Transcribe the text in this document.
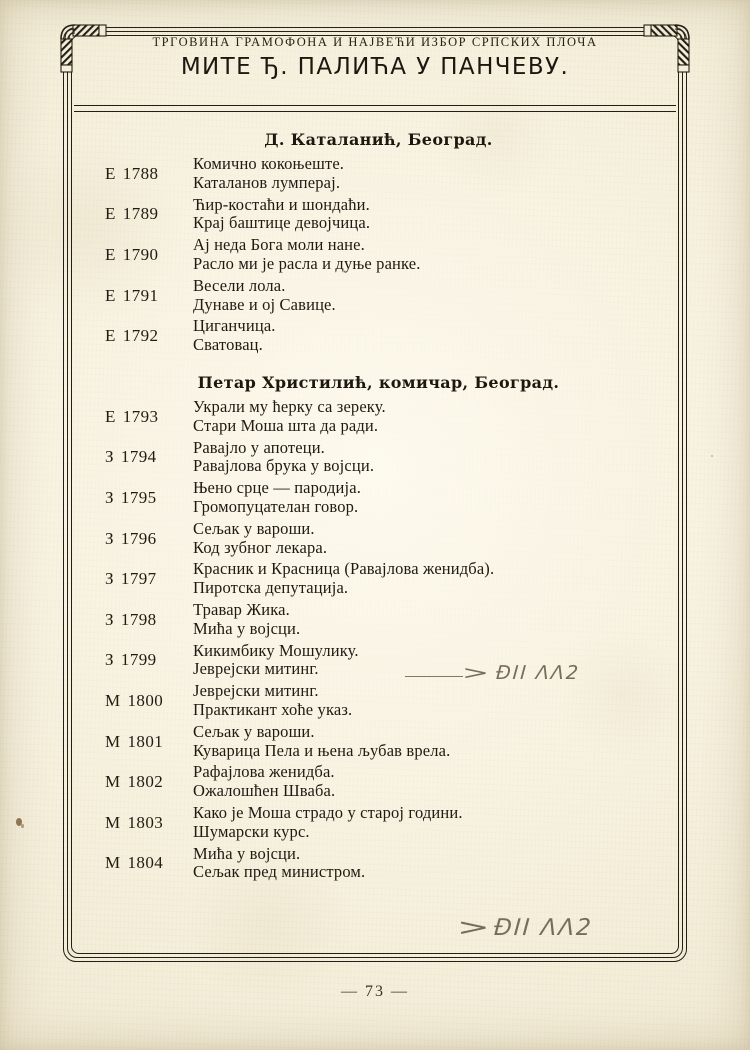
ТРГОВИНА ГРАМОФОНА И НАЈВЕЋИ ИЗБОР СРПСКИХ ПЛОЧА
МИТЕ Ђ. ПАЛИЋА У ПАНЧЕВУ.
Д. Каталанић, Београд.
E 1788
Комично кокоњеште.
Каталанов лумперај.
E 1789
Ћир-костаћи и шондаћи.
Крај баштице девојчица.
E 1790
Ај неда Бога моли нане.
Расло ми је расла и дуње ранке.
E 1791
Весели лола.
Дунаве и ој Савице.
E 1792
Циганчица.
Сватовац.
Петар Христилић, комичар, Београд.
E 1793
Украли му ћерку са зереку.
Стари Моша шта да ради.
З 1794
Равајло у апотеци.
Равајлова брука у војсци.
З 1795
Њено срце — пародија.
Громопуцателан говор.
З 1796
Сељак у вароши.
Код зубног лекара.
З 1797
Красник и Красница (Равајлова женидба).
Пиротска депутација.
З 1798
Травар Жика.
Мића у војсци.
З 1799
Кикимбику Мошулику.
Јеврејски митинг.
M 1800
Јеврејски митинг.
Практикант хоће указ.
M 1801
Сељак у вароши.
Куварица Пела и њена љубав врела.
M 1802
Рафајлова женидба.
Ожалошћен Шваба.
M 1803
Како је Моша страдо у старој години.
Шумарски курс.
M 1804
Мића у војсци.
Сељак пред министром.
> ÐII ΛΛ2
>ÐII ΛΛ2
— 73 —
